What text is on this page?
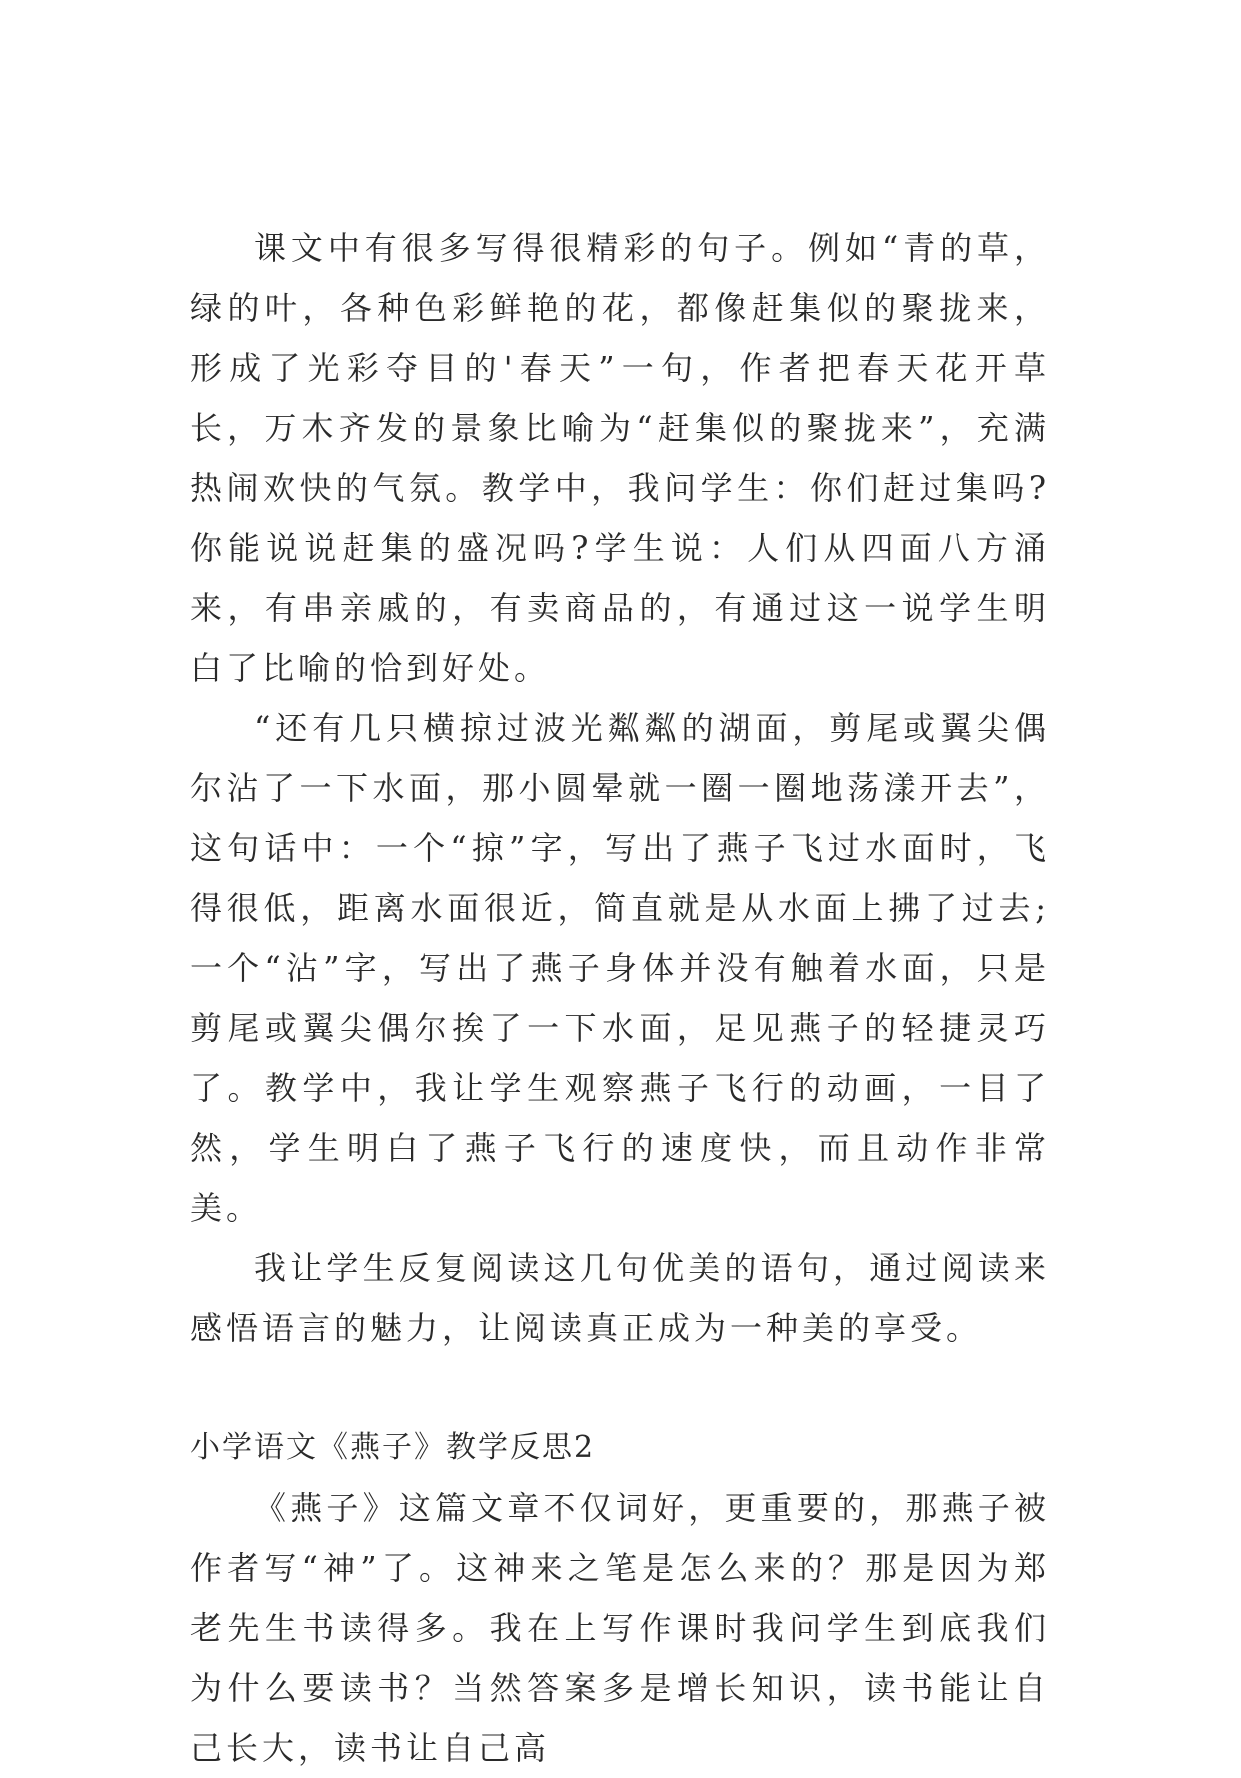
课文中有很多写得很精彩的句子。例如“青的草，绿的叶，各种色彩鲜艳的花，都像赶集似的聚拢来，形成了光彩夺目的'春天”一句，作者把春天花开草长，万木齐发的景象比喻为“赶集似的聚拢来”，充满热闹欢快的气氛。教学中，我问学生：你们赶过集吗?你能说说赶集的盛况吗?学生说：人们从四面八方涌来，有串亲戚的，有卖商品的，有通过这一说学生明白了比喻的恰到好处。

“还有几只横掠过波光粼粼的湖面，剪尾或翼尖偶尔沾了一下水面，那小圆晕就一圈一圈地荡漾开去”，这句话中：一个“掠”字，写出了燕子飞过水面时，飞得很低，距离水面很近，简直就是从水面上拂了过去;一个“沾”字，写出了燕子身体并没有触着水面，只是剪尾或翼尖偶尔挨了一下水面，足见燕子的轻捷灵巧了。教学中，我让学生观察燕子飞行的动画，一目了然，学生明白了燕子飞行的速度快，而且动作非常美。

我让学生反复阅读这几句优美的语句，通过阅读来感悟语言的魅力，让阅读真正成为一种美的享受。

小学语文《燕子》教学反思2

《燕子》这篇文章不仅词好，更重要的，那燕子被作者写“神”了。这神来之笔是怎么来的？那是因为郑老先生书读得多。我在上写作课时我问学生到底我们为什么要读书？当然答案多是增长知识，读书能让自己长大，读书让自己高
